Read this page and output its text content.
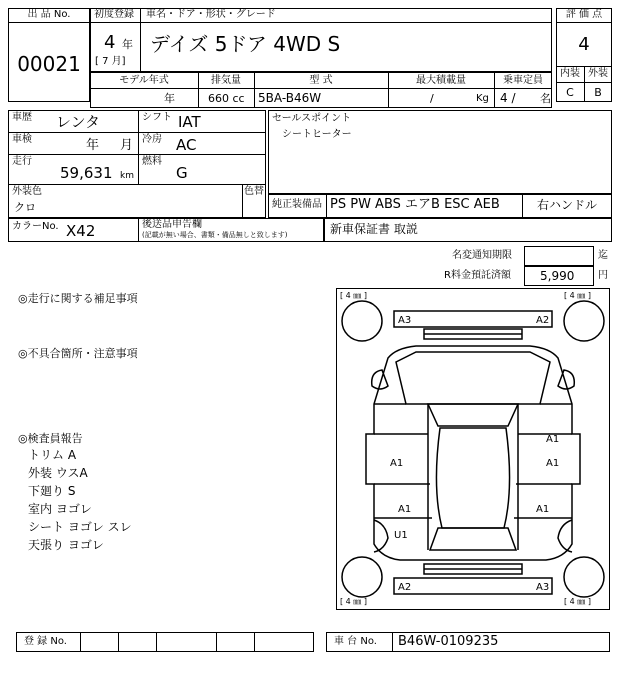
出 品 No.
00021
初度登録 車名・ドア・形状・グレード
4 年
[ 7 月]
デイズ 5ドア 4WD S
評 価 点
4
内装 外装
C	B
モデル年式	排気量	型 式	最大積載量	乗車定員
年	660 cc 5BA-B46W	/	Kg 4 / 名
車歴 レンタ
車検	年 月
走行
59,631 km
シフト IAT
冷房 AC
燃料
G
外装色
クロ
色替
カラーNo. X42	後送品申告欄
(記載が無い場合、書類・備品無しと致します)
セールスポイント
シートヒーター
純正装備品 PS PW ABS エアB ESC AEB	右ハンドル
新車保証書 取説
名変通知期限	迄
R料金預託済額 5,990 円
◎走行に関する補足事項
◎不具合箇所・注意事項
◎検査員報告
トリム A
外装 ウスA
下廻り S
室内 ヨゴレ
シート ヨゴレ スレ
天張り ヨゴレ
[ 4 ㎜ ]	[ 4 ㎜ ]
[ 4 ㎜ ]	[ 4 ㎜ ]
A3	A2
A2	A3
A1
A1
A1
A1	A1
U1
登 録 No.	車 台 No. B46W-0109235
